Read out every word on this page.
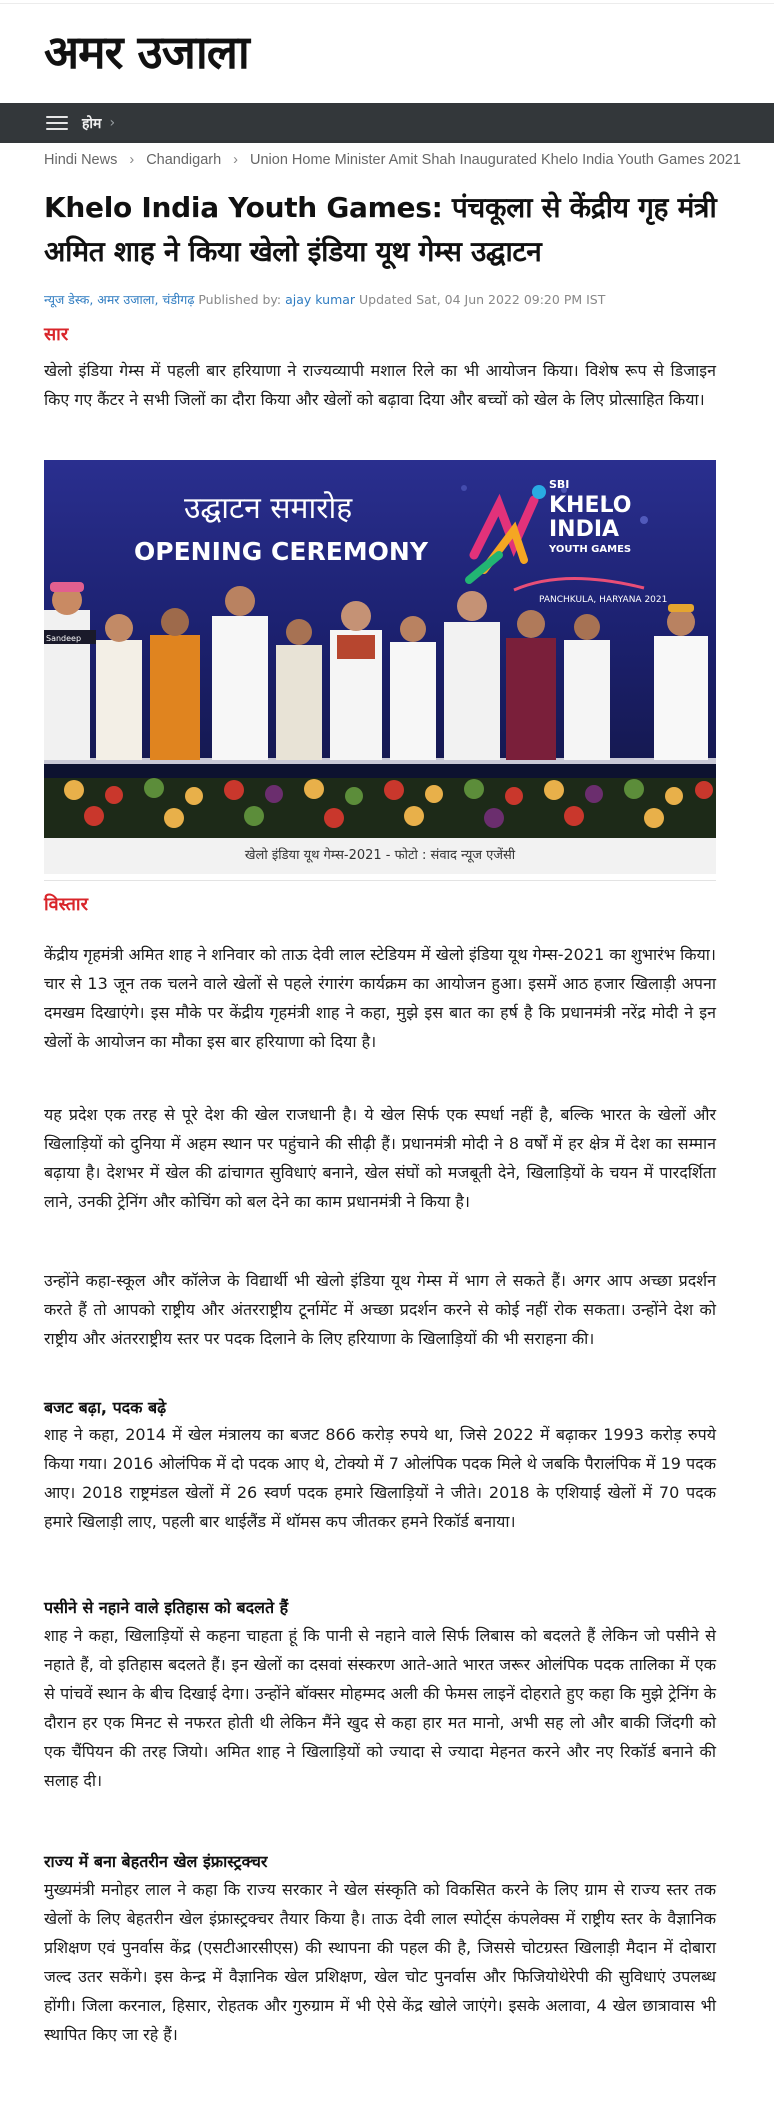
अमर उजाला
होम ›
Hindi News › Chandigarh › Union Home Minister Amit Shah Inaugurated Khelo India Youth Games 2021
Khelo India Youth Games: पंचकूला से केंद्रीय गृह मंत्री अमित शाह ने किया खेलो इंडिया यूथ गेम्स उद्घाटन
न्यूज डेस्क, अमर उजाला, चंडीगढ़ Published by: ajay kumar Updated Sat, 04 Jun 2022 09:20 PM IST
सार

खेलो इंडिया गेम्स में पहली बार हरियाणा ने राज्यव्यापी मशाल रिले का भी आयोजन किया। विशेष रूप से डिजाइन किए गए कैंटर ने सभी जिलों का दौरा किया और खेलों को बढ़ावा दिया और बच्चों को खेल के लिए प्रोत्साहित किया।

उद्घाटन समारोह
OPENING CEREMONY
SBI
KHELO
INDIA
YOUTH GAMES
PANCHKULA, HARYANA 2021
Sandeep
खेलो इंडिया यूथ गेम्स-2021 - फोटो : संवाद न्यूज एजेंसी
विस्तार

केंद्रीय गृहमंत्री अमित शाह ने शनिवार को ताऊ देवी लाल स्टेडियम में खेलो इंडिया यूथ गेम्स-2021 का शुभारंभ किया। चार से 13 जून तक चलने वाले खेलों से पहले रंगारंग कार्यक्रम का आयोजन हुआ। इसमें आठ हजार खिलाड़ी अपना दमखम दिखाएंगे। इस मौके पर केंद्रीय गृहमंत्री शाह ने कहा, मुझे इस बात का हर्ष है कि प्रधानमंत्री नरेंद्र मोदी ने इन खेलों के आयोजन का मौका इस बार हरियाणा को दिया है।

यह प्रदेश एक तरह से पूरे देश की खेल राजधानी है। ये खेल सिर्फ एक स्पर्धा नहीं है, बल्कि भारत के खेलों और खिलाड़ियों को दुनिया में अहम स्थान पर पहुंचाने की सीढ़ी हैं। प्रधानमंत्री मोदी ने 8 वर्षों में हर क्षेत्र में देश का सम्मान बढ़ाया है। देशभर में खेल की ढांचागत सुविधाएं बनाने, खेल संघों को मजबूती देने, खिलाड़ियों के चयन में पारदर्शिता लाने, उनकी ट्रेनिंग और कोचिंग को बल देने का काम प्रधानमंत्री ने किया है।

उन्होंने कहा-स्कूल और कॉलेज के विद्यार्थी भी खेलो इंडिया यूथ गेम्स में भाग ले सकते हैं। अगर आप अच्छा प्रदर्शन करते हैं तो आपको राष्ट्रीय और अंतरराष्ट्रीय टूर्नामेंट में अच्छा प्रदर्शन करने से कोई नहीं रोक सकता। उन्होंने देश को राष्ट्रीय और अंतरराष्ट्रीय स्तर पर पदक दिलाने के लिए हरियाणा के खिलाड़ियों की भी सराहना की।

बजट बढ़ा, पदक बढ़े

शाह ने कहा, 2014 में खेल मंत्रालय का बजट 866 करोड़ रुपये था, जिसे 2022 में बढ़ाकर 1993 करोड़ रुपये किया गया। 2016 ओलंपिक में दो पदक आए थे, टोक्यो में 7 ओलंपिक पदक मिले थे जबकि पैरालंपिक में 19 पदक आए। 2018 राष्ट्रमंडल खेलों में 26 स्वर्ण पदक हमारे खिलाड़ियों ने जीते। 2018 के एशियाई खेलों में 70 पदक हमारे खिलाड़ी लाए, पहली बार थाईलैंड में थॉमस कप जीतकर हमने रिकॉर्ड बनाया।

पसीने से नहाने वाले इतिहास को बदलते हैं

शाह ने कहा, खिलाड़ियों से कहना चाहता हूं कि पानी से नहाने वाले सिर्फ लिबास को बदलते हैं लेकिन जो पसीने से नहाते हैं, वो इतिहास बदलते हैं। इन खेलों का दसवां संस्करण आते-आते भारत जरूर ओलंपिक पदक तालिका में एक से पांचवें स्थान के बीच दिखाई देगा। उन्होंने बॉक्सर मोहम्मद अली की फेमस लाइनें दोहराते हुए कहा कि मुझे ट्रेनिंग के दौरान हर एक मिनट से नफरत होती थी लेकिन मैंने खुद से कहा हार मत मानो, अभी सह लो और बाकी जिंदगी को एक चैंपियन की तरह जियो। अमित शाह ने खिलाड़ियों को ज्यादा से ज्यादा मेहनत करने और नए रिकॉर्ड बनाने की सलाह दी।

राज्य में बना बेहतरीन खेल इंफ्रास्ट्रक्चर

मुख्यमंत्री मनोहर लाल ने कहा कि राज्य सरकार ने खेल संस्कृति को विकसित करने के लिए ग्राम से राज्य स्तर तक खेलों के लिए बेहतरीन खेल इंफ्रास्ट्रक्चर तैयार किया है। ताऊ देवी लाल स्पोर्ट्स कंपलेक्स में राष्ट्रीय स्तर के वैज्ञानिक प्रशिक्षण एवं पुनर्वास केंद्र (एसटीआरसीएस) की स्थापना की पहल की है, जिससे चोटग्रस्त खिलाड़ी मैदान में दोबारा जल्द उतर सकेंगे। इस केन्द्र में वैज्ञानिक खेल प्रशिक्षण, खेल चोट पुनर्वास और फिजियोथेरेपी की सुविधाएं उपलब्ध होंगी। जिला करनाल, हिसार, रोहतक और गुरुग्राम में भी ऐसे केंद्र खोले जाएंगे। इसके अलावा, 4 खेल छात्रावास भी स्थापित किए जा रहे हैं।
